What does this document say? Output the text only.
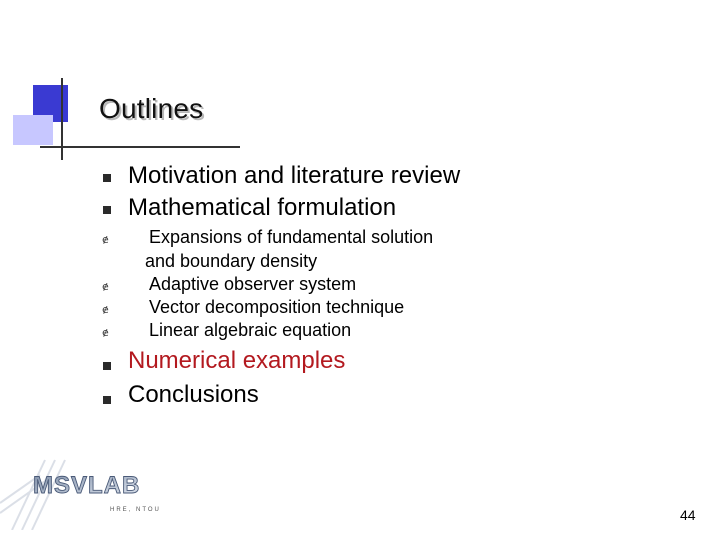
Outlines
Motivation and literature review
Mathematical formulation
ɇ Expansions of fundamental solution
and boundary density
ɇ Adaptive observer system
ɇ Vector decomposition technique
ɇ Linear algebraic equation
Numerical examples
Conclusions
MSVLAB
HRE, NTOU	44
